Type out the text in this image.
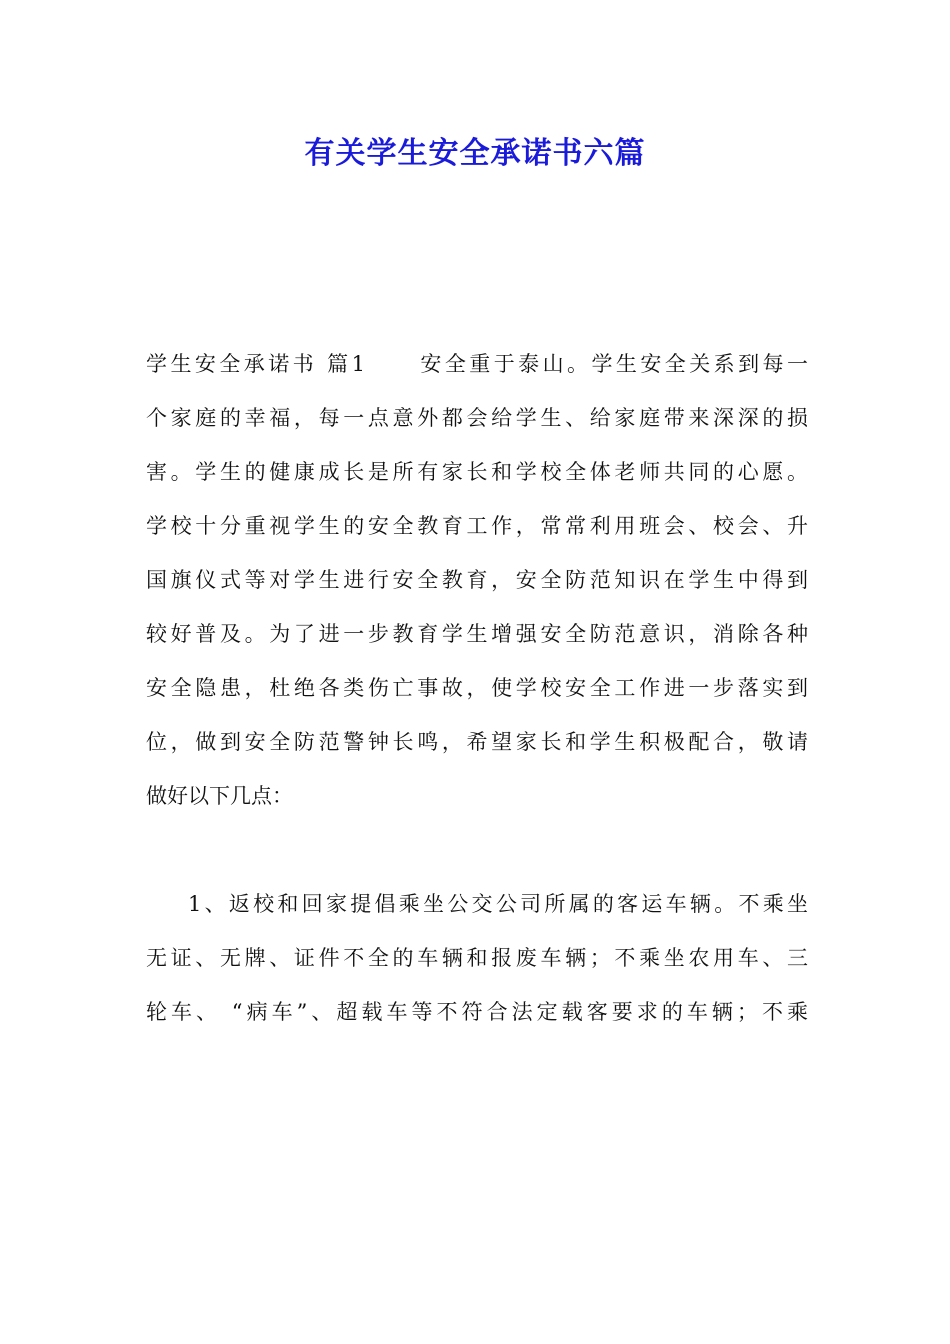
有关学生安全承诺书六篇
学生安全承诺书 篇1 安全重于泰山。学生安全关系到每一
个家庭的幸福，每一点意外都会给学生、给家庭带来深深的损
害。学生的健康成长是所有家长和学校全体老师共同的心愿。
学校十分重视学生的安全教育工作，常常利用班会、校会、升
国旗仪式等对学生进行安全教育，安全防范知识在学生中得到
较好普及。为了进一步教育学生增强安全防范意识，消除各种
安全隐患，杜绝各类伤亡事故，使学校安全工作进一步落实到
位，做到安全防范警钟长鸣，希望家长和学生积极配合，敬请
做好以下几点：
1、返校和回家提倡乘坐公交公司所属的客运车辆。不乘坐
无证、无牌、证件不全的车辆和报废车辆；不乘坐农用车、三
轮车、 “病车”、超载车等不符合法定载客要求的车辆；不乘
